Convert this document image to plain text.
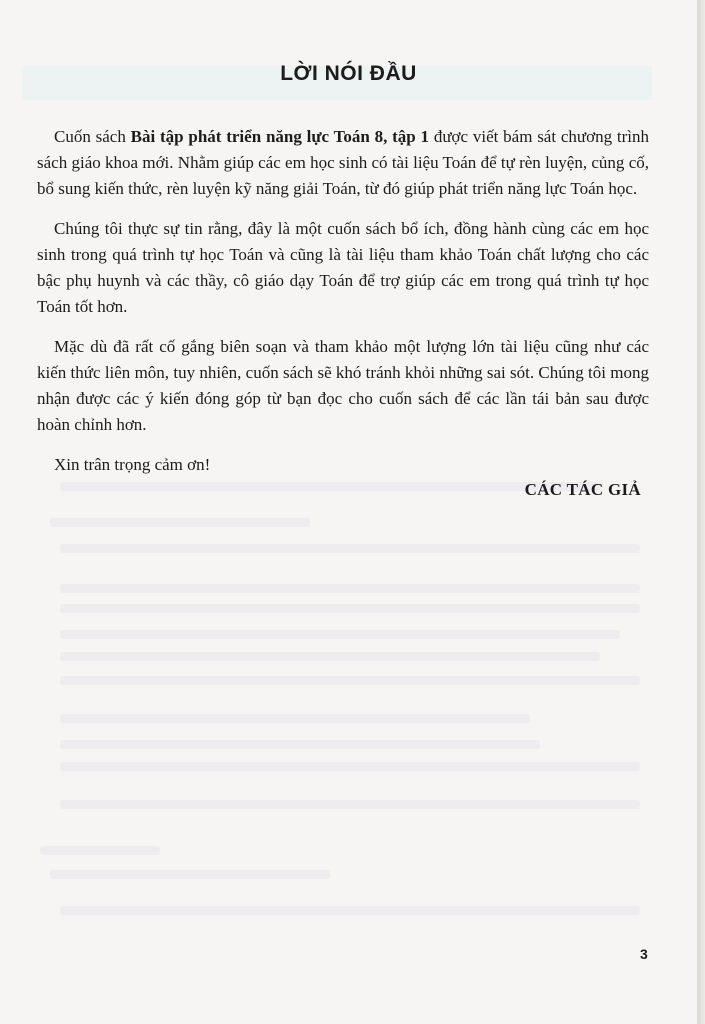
LỜI NÓI ĐẦU

 Cuốn sách Bài tập phát triển năng lực Toán 8, tập 1 được viết bám sát chương trình sách giáo khoa mới. Nhằm giúp các em học sinh có tài liệu Toán để tự rèn luyện, củng cố, bổ sung kiến thức, rèn luyện kỹ năng giải Toán, từ đó giúp phát triển năng lực Toán học.

 Chúng tôi thực sự tin rằng, đây là một cuốn sách bổ ích, đồng hành cùng các em học sinh trong quá trình tự học Toán và cũng là tài liệu tham khảo Toán chất lượng cho các bậc phụ huynh và các thầy, cô giáo dạy Toán để trợ giúp các em trong quá trình tự học Toán tốt hơn.

 Mặc dù đã rất cố gắng biên soạn và tham khảo một lượng lớn tài liệu cũng như các kiến thức liên môn, tuy nhiên, cuốn sách sẽ khó tránh khỏi những sai sót. Chúng tôi mong nhận được các ý kiến đóng góp từ bạn đọc cho cuốn sách để các lần tái bản sau được hoàn chỉnh hơn.

 Xin trân trọng cảm ơn!

CÁC TÁC GIẢ
3
